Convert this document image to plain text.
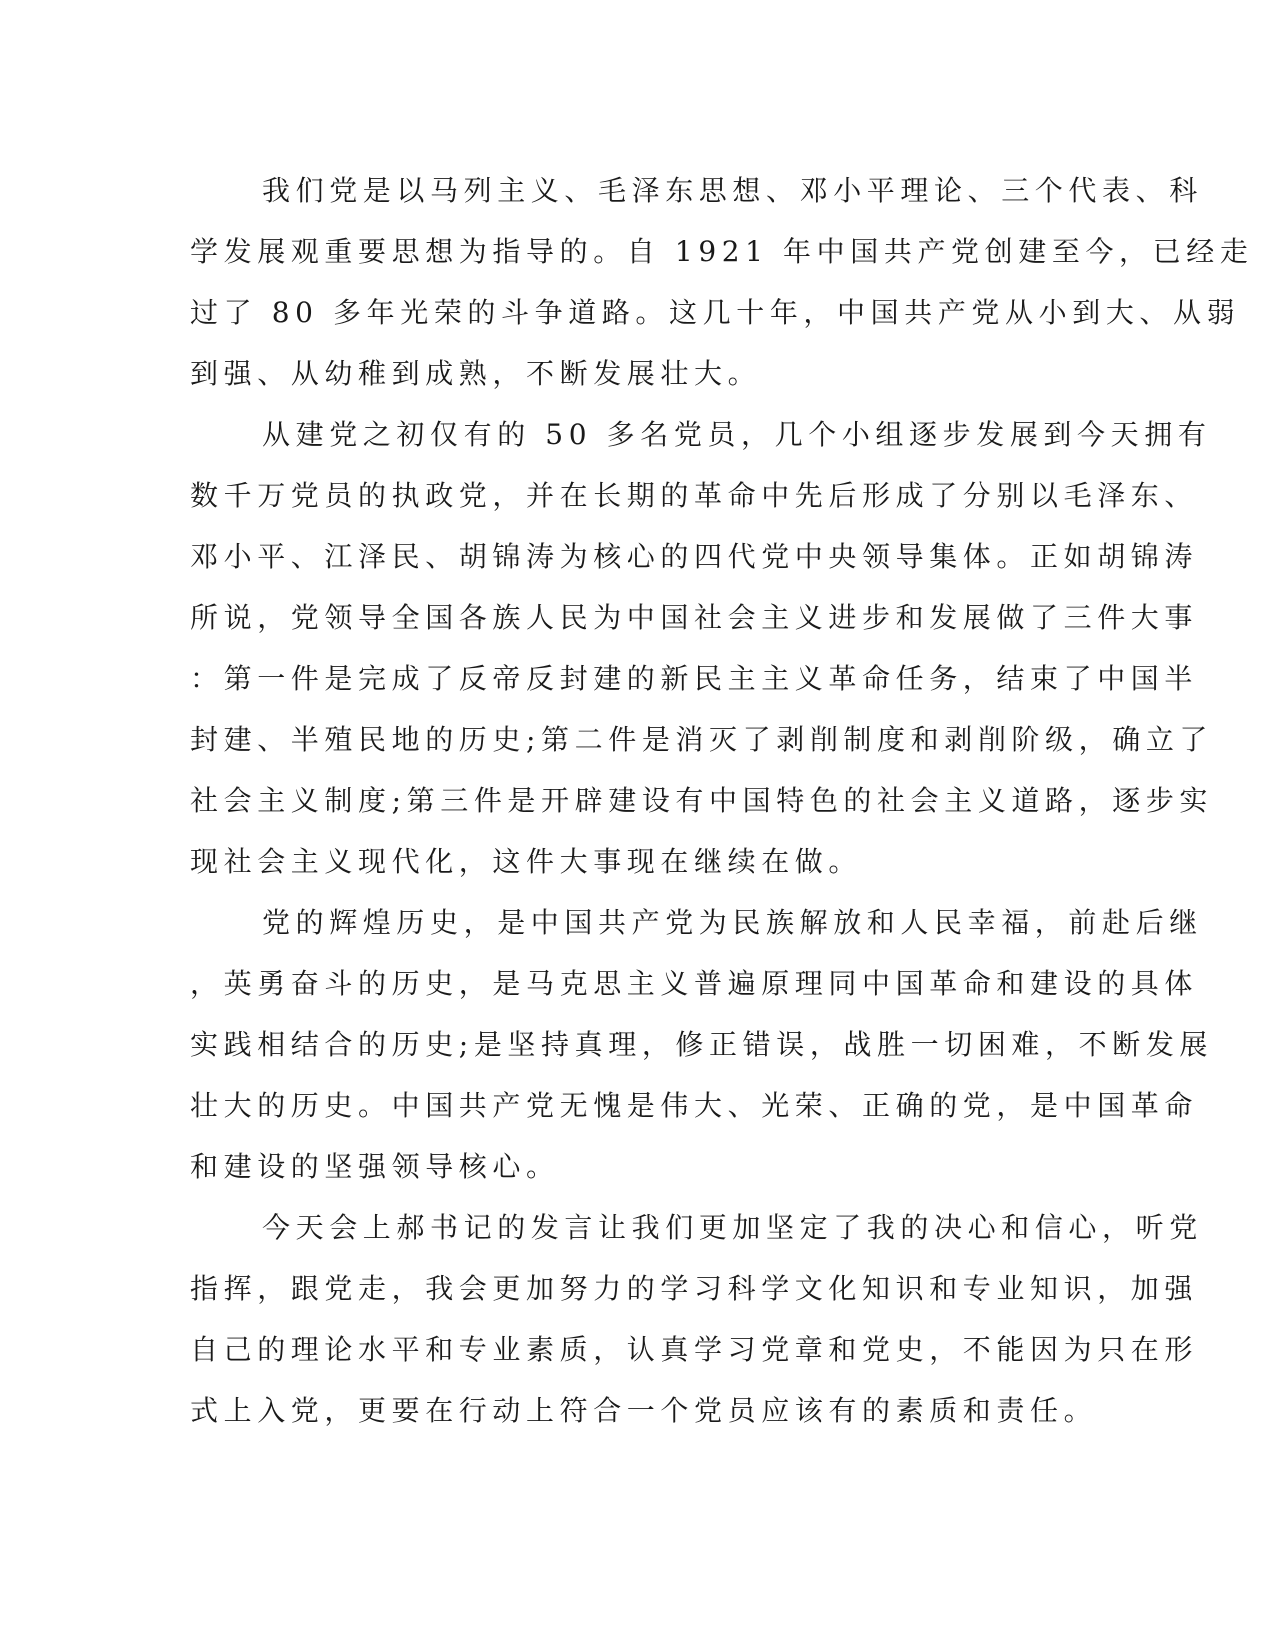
我们党是以马列主义、毛泽东思想、邓小平理论、三个代表、科
学发展观重要思想为指导的。自 1921 年中国共产党创建至今，已经走
过了 80 多年光荣的斗争道路。这几十年，中国共产党从小到大、从弱
到强、从幼稚到成熟，不断发展壮大。
从建党之初仅有的 50 多名党员，几个小组逐步发展到今天拥有
数千万党员的执政党，并在长期的革命中先后形成了分别以毛泽东、
邓小平、江泽民、胡锦涛为核心的四代党中央领导集体。正如胡锦涛
所说，党领导全国各族人民为中国社会主义进步和发展做了三件大事
：第一件是完成了反帝反封建的新民主主义革命任务，结束了中国半
封建、半殖民地的历史;第二件是消灭了剥削制度和剥削阶级，确立了
社会主义制度;第三件是开辟建设有中国特色的社会主义道路，逐步实
现社会主义现代化，这件大事现在继续在做。
党的辉煌历史，是中国共产党为民族解放和人民幸福，前赴后继
，英勇奋斗的历史，是马克思主义普遍原理同中国革命和建设的具体
实践相结合的历史;是坚持真理，修正错误，战胜一切困难，不断发展
壮大的历史。中国共产党无愧是伟大、光荣、正确的党，是中国革命
和建设的坚强领导核心。
今天会上郝书记的发言让我们更加坚定了我的决心和信心，听党
指挥，跟党走，我会更加努力的学习科学文化知识和专业知识，加强
自己的理论水平和专业素质，认真学习党章和党史，不能因为只在形
式上入党，更要在行动上符合一个党员应该有的素质和责任。
